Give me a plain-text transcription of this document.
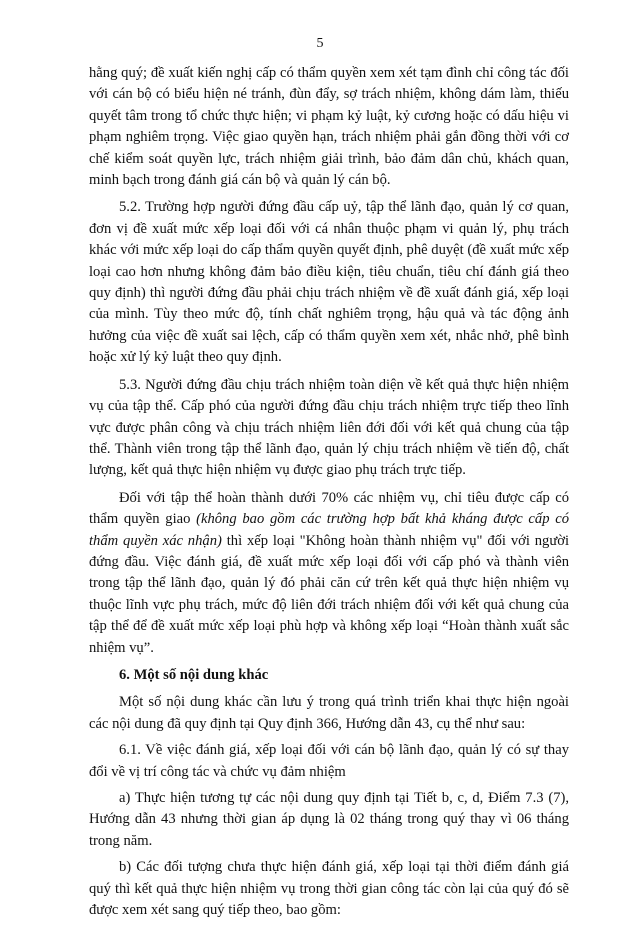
5

hằng quý; đề xuất kiến nghị cấp có thẩm quyền xem xét tạm đình chỉ công tác đối với cán bộ có biểu hiện né tránh, đùn đẩy, sợ trách nhiệm, không dám làm, thiếu quyết tâm trong tổ chức thực hiện; vi phạm kỷ luật, kỷ cương hoặc có dấu hiệu vi phạm nghiêm trọng. Việc giao quyền hạn, trách nhiệm phải gắn đồng thời với cơ chế kiểm soát quyền lực, trách nhiệm giải trình, bảo đảm dân chủ, khách quan, minh bạch trong đánh giá cán bộ và quản lý cán bộ.

5.2. Trường hợp người đứng đầu cấp uỷ, tập thể lãnh đạo, quản lý cơ quan, đơn vị đề xuất mức xếp loại đối với cá nhân thuộc phạm vi quản lý, phụ trách khác với mức xếp loại do cấp thẩm quyền quyết định, phê duyệt (đề xuất mức xếp loại cao hơn nhưng không đảm bảo điều kiện, tiêu chuẩn, tiêu chí đánh giá theo quy định) thì người đứng đầu phải chịu trách nhiệm về đề xuất đánh giá, xếp loại của mình. Tùy theo mức độ, tính chất nghiêm trọng, hậu quả và tác động ảnh hưởng của việc đề xuất sai lệch, cấp có thẩm quyền xem xét, nhắc nhở, phê bình hoặc xử lý kỷ luật theo quy định.

5.3. Người đứng đầu chịu trách nhiệm toàn diện về kết quả thực hiện nhiệm vụ của tập thể. Cấp phó của người đứng đầu chịu trách nhiệm trực tiếp theo lĩnh vực được phân công và chịu trách nhiệm liên đới đối với kết quả chung của tập thể. Thành viên trong tập thể lãnh đạo, quản lý chịu trách nhiệm về tiến độ, chất lượng, kết quả thực hiện nhiệm vụ được giao phụ trách trực tiếp.

Đối với tập thể hoàn thành dưới 70% các nhiệm vụ, chỉ tiêu được cấp có thẩm quyền giao (không bao gồm các trường hợp bất khả kháng được cấp có thẩm quyền xác nhận) thì xếp loại "Không hoàn thành nhiệm vụ" đối với người đứng đầu. Việc đánh giá, đề xuất mức xếp loại đối với cấp phó và thành viên trong tập thể lãnh đạo, quản lý đó phải căn cứ trên kết quả thực hiện nhiệm vụ thuộc lĩnh vực phụ trách, mức độ liên đới trách nhiệm đối với kết quả chung của tập thể để đề xuất mức xếp loại phù hợp và không xếp loại “Hoàn thành xuất sắc nhiệm vụ”.

6. Một số nội dung khác

Một số nội dung khác cần lưu ý trong quá trình triển khai thực hiện ngoài các nội dung đã quy định tại Quy định 366, Hướng dẫn 43, cụ thể như sau:

6.1. Về việc đánh giá, xếp loại đối với cán bộ lãnh đạo, quản lý có sự thay đổi về vị trí công tác và chức vụ đảm nhiệm

a) Thực hiện tương tự các nội dung quy định tại Tiết b, c, d, Điểm 7.3 (7), Hướng dẫn 43 nhưng thời gian áp dụng là 02 tháng trong quý thay vì 06 tháng trong năm.

b) Các đối tượng chưa thực hiện đánh giá, xếp loại tại thời điểm đánh giá quý thì kết quả thực hiện nhiệm vụ trong thời gian công tác còn lại của quý đó sẽ được xem xét sang quý tiếp theo, bao gồm:
